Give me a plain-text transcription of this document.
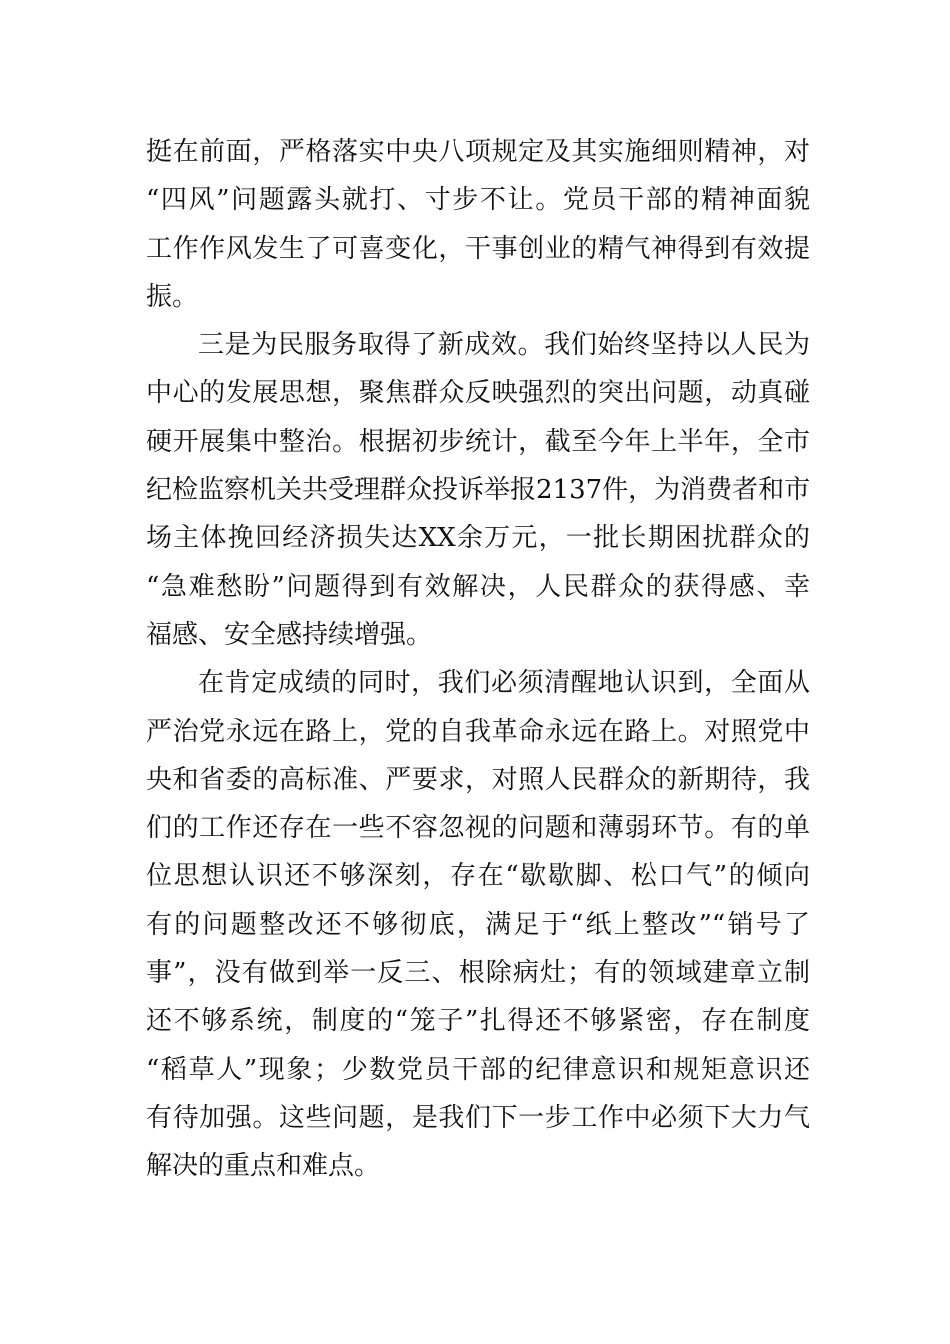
挺在前面，严格落实中央八项规定及其实施细则精神，对
“四风”问题露头就打、寸步不让。党员干部的精神面貌
工作作风发生了可喜变化，干事创业的精气神得到有效提
振。
三是为民服务取得了新成效。我们始终坚持以人民为
中心的发展思想，聚焦群众反映强烈的突出问题，动真碰
硬开展集中整治。根据初步统计，截至今年上半年，全市
纪检监察机关共受理群众投诉举报2137件，为消费者和市
场主体挽回经济损失达XX余万元，一批长期困扰群众的
“急难愁盼”问题得到有效解决，人民群众的获得感、幸
福感、安全感持续增强。
在肯定成绩的同时，我们必须清醒地认识到，全面从
严治党永远在路上，党的自我革命永远在路上。对照党中
央和省委的高标准、严要求，对照人民群众的新期待，我
们的工作还存在一些不容忽视的问题和薄弱环节。有的单
位思想认识还不够深刻，存在“歇歇脚、松口气”的倾向
有的问题整改还不够彻底，满足于“纸上整改”“销号了
事”，没有做到举一反三、根除病灶；有的领域建章立制
还不够系统，制度的“笼子”扎得还不够紧密，存在制度
“稻草人”现象；少数党员干部的纪律意识和规矩意识还
有待加强。这些问题，是我们下一步工作中必须下大力气
解决的重点和难点。
